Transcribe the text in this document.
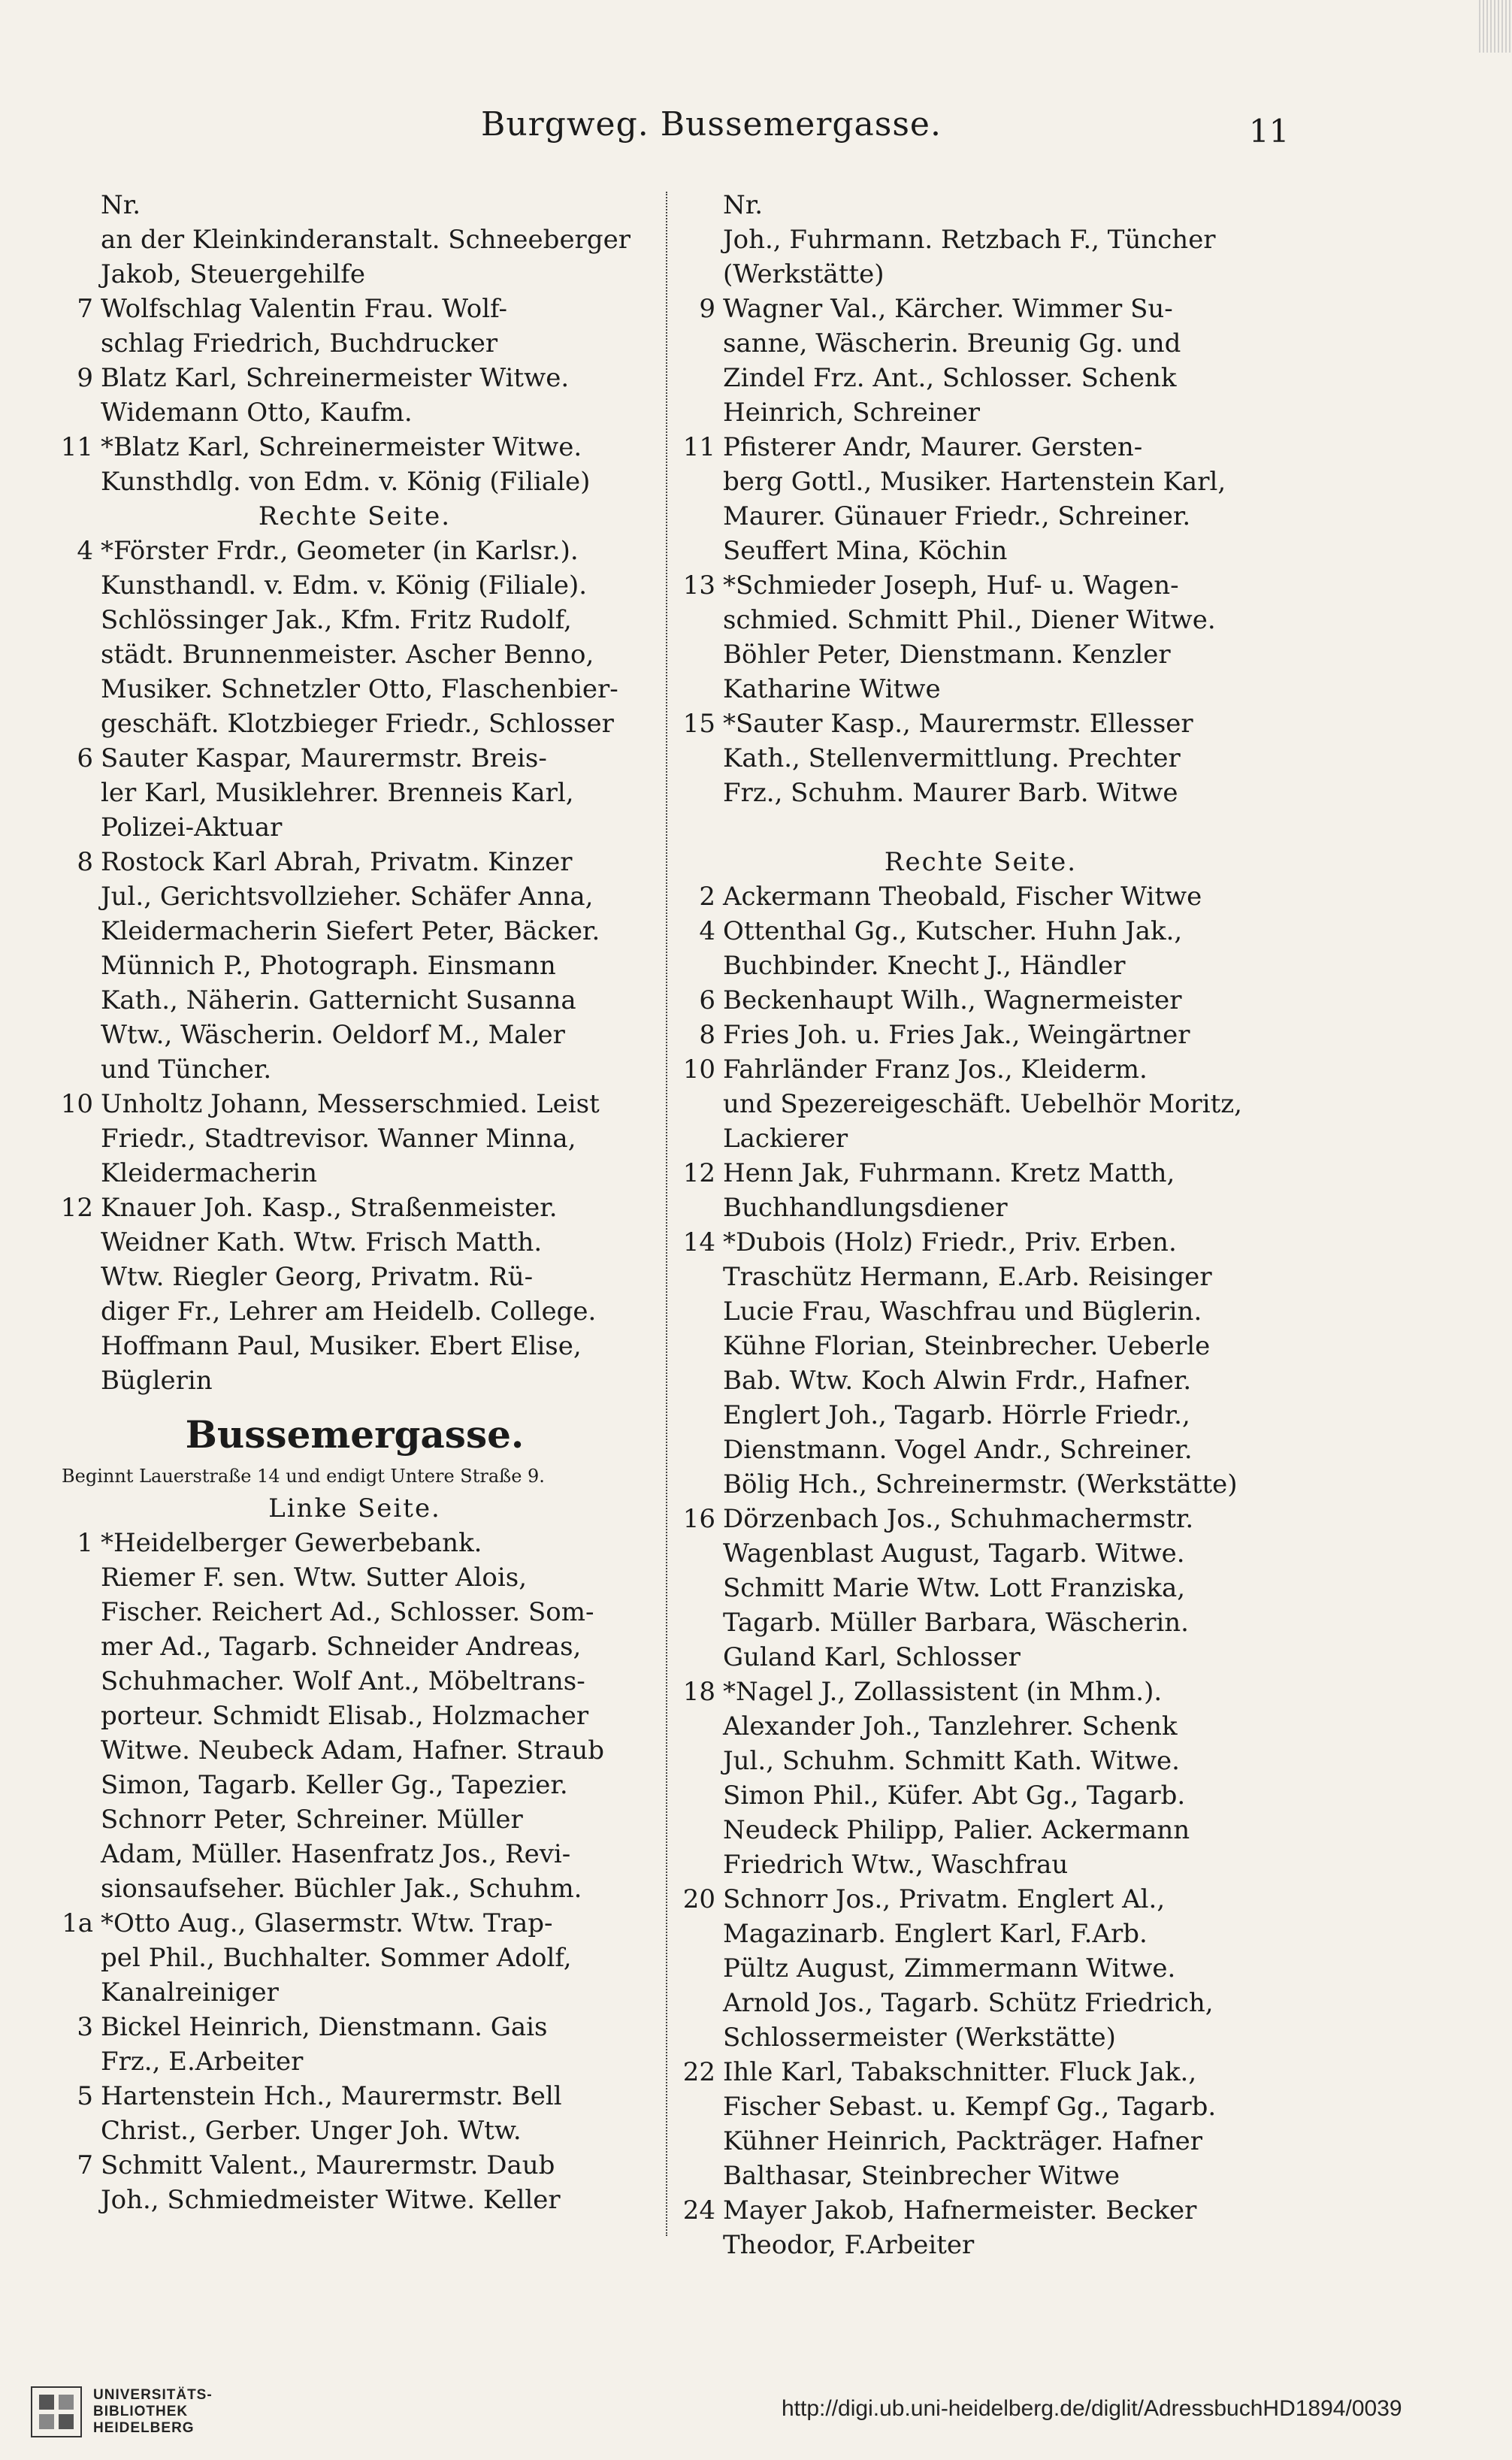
Burgweg. Bussemergasse.	11
Nr.
an der Kleinkinderanstalt. Schneeberger
Jakob, Steuergehilfe
7 Wolfschlag Valentin Frau. Wolf-
schlag Friedrich, Buchdrucker
9 Blatz Karl, Schreinermeister Witwe.
Widemann Otto, Kaufm.
11 *Blatz Karl, Schreinermeister Witwe.
Kunsthdlg. von Edm. v. König (Filiale)
Rechte Seite.
4 *Förster Frdr., Geometer (in Karlsr.).
Kunsthandl. v. Edm. v. König (Filiale).
Schlössinger Jak., Kfm. Fritz Rudolf,
städt. Brunnenmeister. Ascher Benno,
Musiker. Schnetzler Otto, Flaschenbier-
geschäft. Klotzbieger Friedr., Schlosser
6 Sauter Kaspar, Maurermstr. Breis-
ler Karl, Musiklehrer. Brenneis Karl,
Polizei-Aktuar
8 Rostock Karl Abrah, Privatm. Kinzer
Jul., Gerichtsvollzieher. Schäfer Anna,
Kleidermacherin Siefert Peter, Bäcker.
Münnich P., Photograph. Einsmann
Kath., Näherin. Gatternicht Susanna
Wtw., Wäscherin. Oeldorf M., Maler
und Tüncher.
10 Unholtz Johann, Messerschmied. Leist
Friedr., Stadtrevisor. Wanner Minna,
Kleidermacherin
12 Knauer Joh. Kasp., Straßenmeister.
Weidner Kath. Wtw. Frisch Matth.
Wtw. Riegler Georg, Privatm. Rü-
diger Fr., Lehrer am Heidelb. College.
Hoffmann Paul, Musiker. Ebert Elise,
Büglerin
Bussemergasse.
Beginnt Lauerstraße 14 und endigt Untere Straße 9.
Linke Seite.
1 *Heidelberger Gewerbebank.
Riemer F. sen. Wtw. Sutter Alois,
Fischer. Reichert Ad., Schlosser. Som-
mer Ad., Tagarb. Schneider Andreas,
Schuhmacher. Wolf Ant., Möbeltrans-
porteur. Schmidt Elisab., Holzmacher
Witwe. Neubeck Adam, Hafner. Straub
Simon, Tagarb. Keller Gg., Tapezier.
Schnorr Peter, Schreiner. Müller
Adam, Müller. Hasenfratz Jos., Revi-
sionsaufseher. Büchler Jak., Schuhm.
1a *Otto Aug., Glasermstr. Wtw. Trap-
pel Phil., Buchhalter. Sommer Adolf,
Kanalreiniger
3 Bickel Heinrich, Dienstmann. Gais
Frz., E.Arbeiter
5 Hartenstein Hch., Maurermstr. Bell
Christ., Gerber. Unger Joh. Wtw.
7 Schmitt Valent., Maurermstr. Daub
Joh., Schmiedmeister Witwe. Keller
Nr.
Joh., Fuhrmann. Retzbach F., Tüncher
(Werkstätte)
9 Wagner Val., Kärcher. Wimmer Su-
sanne, Wäscherin. Breunig Gg. und
Zindel Frz. Ant., Schlosser. Schenk
Heinrich, Schreiner
11 Pfisterer Andr, Maurer. Gersten-
berg Gottl., Musiker. Hartenstein Karl,
Maurer. Günauer Friedr., Schreiner.
Seuffert Mina, Köchin
13 *Schmieder Joseph, Huf- u. Wagen-
schmied. Schmitt Phil., Diener Witwe.
Böhler Peter, Dienstmann. Kenzler
Katharine Witwe
15 *Sauter Kasp., Maurermstr. Ellesser
Kath., Stellenvermittlung. Prechter
Frz., Schuhm. Maurer Barb. Witwe
Rechte Seite.
2 Ackermann Theobald, Fischer Witwe
4 Ottenthal Gg., Kutscher. Huhn Jak.,
Buchbinder. Knecht J., Händler
6 Beckenhaupt Wilh., Wagnermeister
8 Fries Joh. u. Fries Jak., Weingärtner
10 Fahrländer Franz Jos., Kleiderm.
und Spezereigeschäft. Uebelhör Moritz,
Lackierer
12 Henn Jak, Fuhrmann. Kretz Matth,
Buchhandlungsdiener
14 *Dubois (Holz) Friedr., Priv. Erben.
Traschütz Hermann, E.Arb. Reisinger
Lucie Frau, Waschfrau und Büglerin.
Kühne Florian, Steinbrecher. Ueberle
Bab. Wtw. Koch Alwin Frdr., Hafner.
Englert Joh., Tagarb. Hörrle Friedr.,
Dienstmann. Vogel Andr., Schreiner.
Bölig Hch., Schreinermstr. (Werkstätte)
16 Dörzenbach Jos., Schuhmachermstr.
Wagenblast August, Tagarb. Witwe.
Schmitt Marie Wtw. Lott Franziska,
Tagarb. Müller Barbara, Wäscherin.
Guland Karl, Schlosser
18 *Nagel J., Zollassistent (in Mhm.).
Alexander Joh., Tanzlehrer. Schenk
Jul., Schuhm. Schmitt Kath. Witwe.
Simon Phil., Küfer. Abt Gg., Tagarb.
Neudeck Philipp, Palier. Ackermann
Friedrich Wtw., Waschfrau
20 Schnorr Jos., Privatm. Englert Al.,
Magazinarb. Englert Karl, F.Arb.
Pültz August, Zimmermann Witwe.
Arnold Jos., Tagarb. Schütz Friedrich,
Schlossermeister (Werkstätte)
22 Ihle Karl, Tabakschnitter. Fluck Jak.,
Fischer Sebast. u. Kempf Gg., Tagarb.
Kühner Heinrich, Packträger. Hafner
Balthasar, Steinbrecher Witwe
24 Mayer Jakob, Hafnermeister. Becker
Theodor, F.Arbeiter
UNIVERSITÄTS-
BIBLIOTHEK
HEIDELBERG
http://digi.ub.uni-heidelberg.de/diglit/AdressbuchHD1894/0039
